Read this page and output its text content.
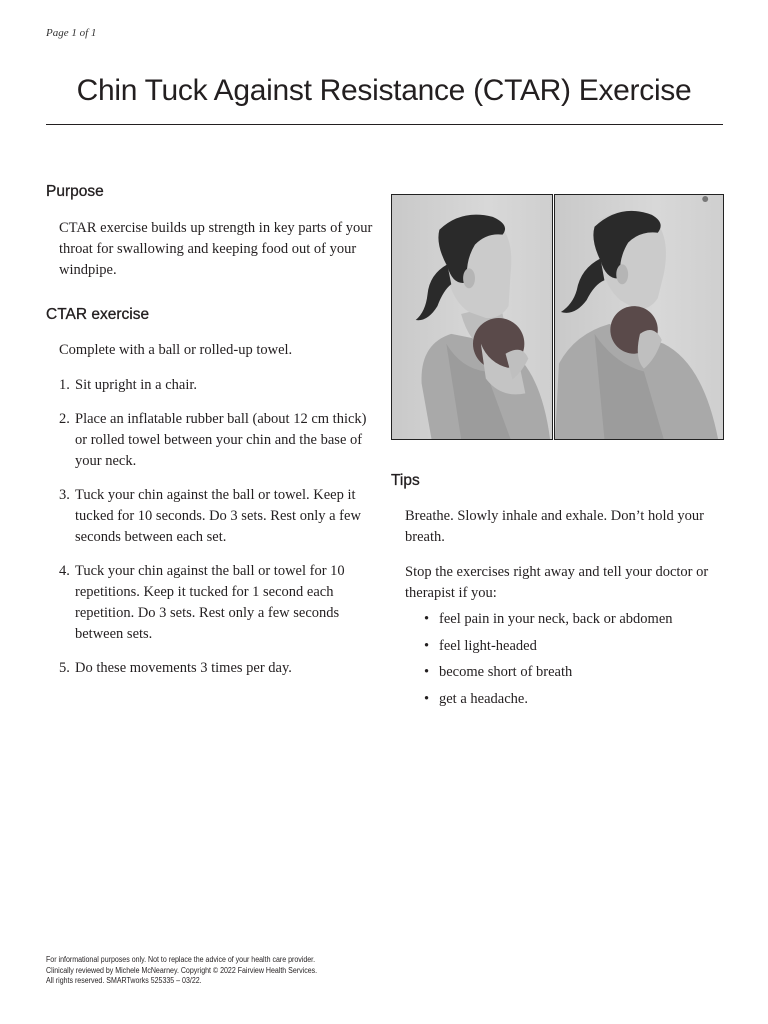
Page 1 of 1
Chin Tuck Against Resistance (CTAR) Exercise
Purpose

CTAR exercise builds up strength in key parts of your throat for swallowing and keeping food out of your windpipe.

CTAR exercise

Complete with a ball or rolled-up towel.

1. Sit upright in a chair.
2. Place an inflatable rubber ball (about 12 cm thick) or rolled towel between your chin and the base of your neck.
3. Tuck your chin against the ball or towel. Keep it tucked for 10 seconds. Do 3 sets. Rest only a few seconds between each set.
4. Tuck your chin against the ball or towel for 10 repetitions. Keep it tucked for 1 second each repetition. Do 3 sets. Rest only a few seconds between sets.
5. Do these movements 3 times per day.
Tips

Breathe. Slowly inhale and exhale. Don’t hold your breath.

Stop the exercises right away and tell your doctor or therapist if you:

• feel pain in your neck, back or abdomen
• feel light-headed
• become short of breath
• get a headache.
For informational purposes only. Not to replace the advice of your health care provider.
Clinically reviewed by Michele McNearney. Copyright © 2022 Fairview Health Services.
All rights reserved. SMARTworks 525335 – 03/22.
